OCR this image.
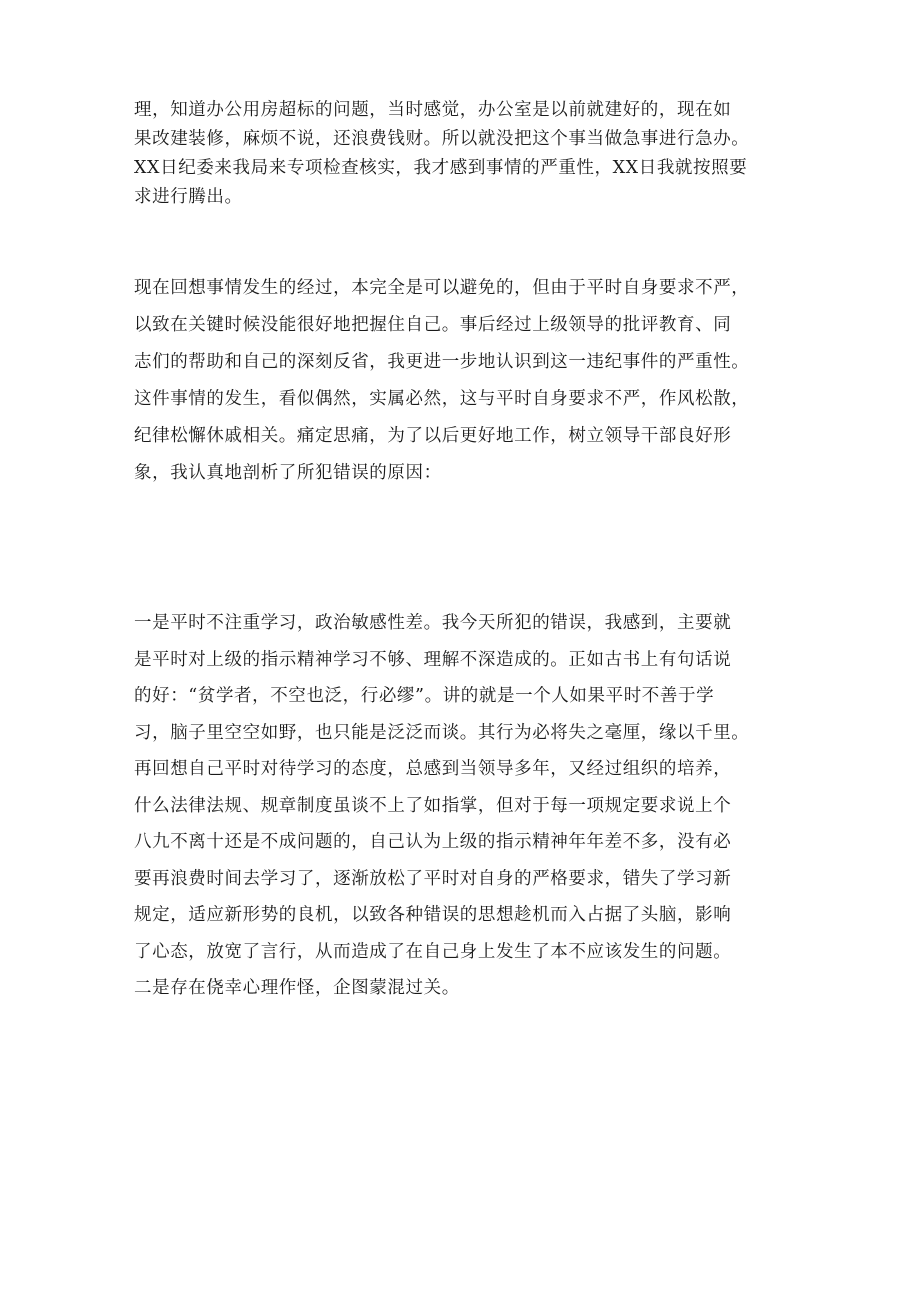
理，知道办公用房超标的问题，当时感觉，办公室是以前就建好的，现在如
果改建装修，麻烦不说，还浪费钱财。所以就没把这个事当做急事进行急办。
XX日纪委来我局来专项检查核实，我才感到事情的严重性，XX日我就按照要
求进行腾出。
现在回想事情发生的经过，本完全是可以避免的，但由于平时自身要求不严，
以致在关键时候没能很好地把握住自己。事后经过上级领导的批评教育、同
志们的帮助和自己的深刻反省，我更进一步地认识到这一违纪事件的严重性。
这件事情的发生，看似偶然，实属必然，这与平时自身要求不严，作风松散，
纪律松懈休戚相关。痛定思痛，为了以后更好地工作，树立领导干部良好形
象，我认真地剖析了所犯错误的原因：
一是平时不注重学习，政治敏感性差。我今天所犯的错误，我感到，主要就
是平时对上级的指示精神学习不够、理解不深造成的。正如古书上有句话说
的好：“贫学者，不空也泛，行必缪”。讲的就是一个人如果平时不善于学
习，脑子里空空如野，也只能是泛泛而谈。其行为必将失之毫厘，缘以千里。
再回想自己平时对待学习的态度，总感到当领导多年，又经过组织的培养，
什么法律法规、规章制度虽谈不上了如指掌，但对于每一项规定要求说上个
八九不离十还是不成问题的，自己认为上级的指示精神年年差不多，没有必
要再浪费时间去学习了，逐渐放松了平时对自身的严格要求，错失了学习新
规定，适应新形势的良机，以致各种错误的思想趁机而入占据了头脑，影响
了心态，放宽了言行，从而造成了在自己身上发生了本不应该发生的问题。
二是存在侥幸心理作怪，企图蒙混过关。
